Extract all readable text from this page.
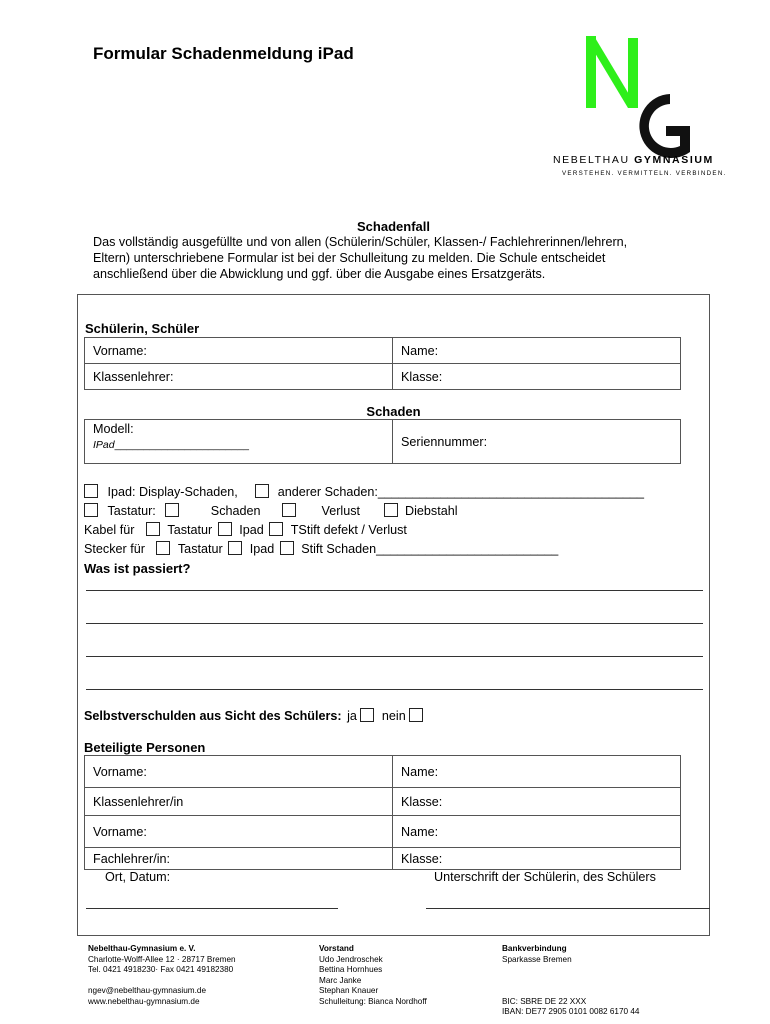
Formular Schadenmeldung iPad
NEBELTHAU GYMNASIUM
VERSTEHEN. VERMITTELN. VERBINDEN.
Schadenfall
Das vollständig ausgefüllte und von allen (Schülerin/Schüler, Klassen-/ Fachlehrerinnen/lehrern, Eltern) unterschriebene Formular ist bei der Schulleitung zu melden. Die Schule entscheidet anschließend über die Abwicklung und ggf. über die Ausgabe eines Ersatzgeräts.
Schülerin, Schüler
Vorname:	Name:
Klassenlehrer:	Klasse:
Schaden
Modell:
IPad_______________________	Seriennummer:
Ipad: Display-Schaden,	anderer Schaden:______________________________________
Tastatur:	Schaden	Verlust	Diebstahl
Kabel für	Tastatur Ipad TStift defekt / Verlust
Stecker für	Tastatur Ipad Stift Schaden__________________________
Was ist passiert?
Selbstverschulden aus Sicht des Schülers: ja nein
Beteiligte Personen
Vorname:	Name:
Klassenlehrer/in	Klasse:
Vorname:	Name:
Fachlehrer/in:	Klasse:
Ort, Datum:	Unterschrift der Schülerin, des Schülers
Nebelthau-Gymnasium e. V.
Charlotte-Wolff-Allee 12 · 28717 Bremen
Tel. 0421 4918230· Fax 0421 49182380

ngev@nebelthau-gymnasium.de
www.nebelthau-gymnasium.de
Vorstand
Udo Jendroschek
Bettina Hornhues
Marc Janke
Stephan Knauer
Schulleitung: Bianca Nordhoff
Bankverbindung
Sparkasse Bremen

BIC: SBRE DE 22 XXX
IBAN: DE77 2905 0101 0082 6170 44
